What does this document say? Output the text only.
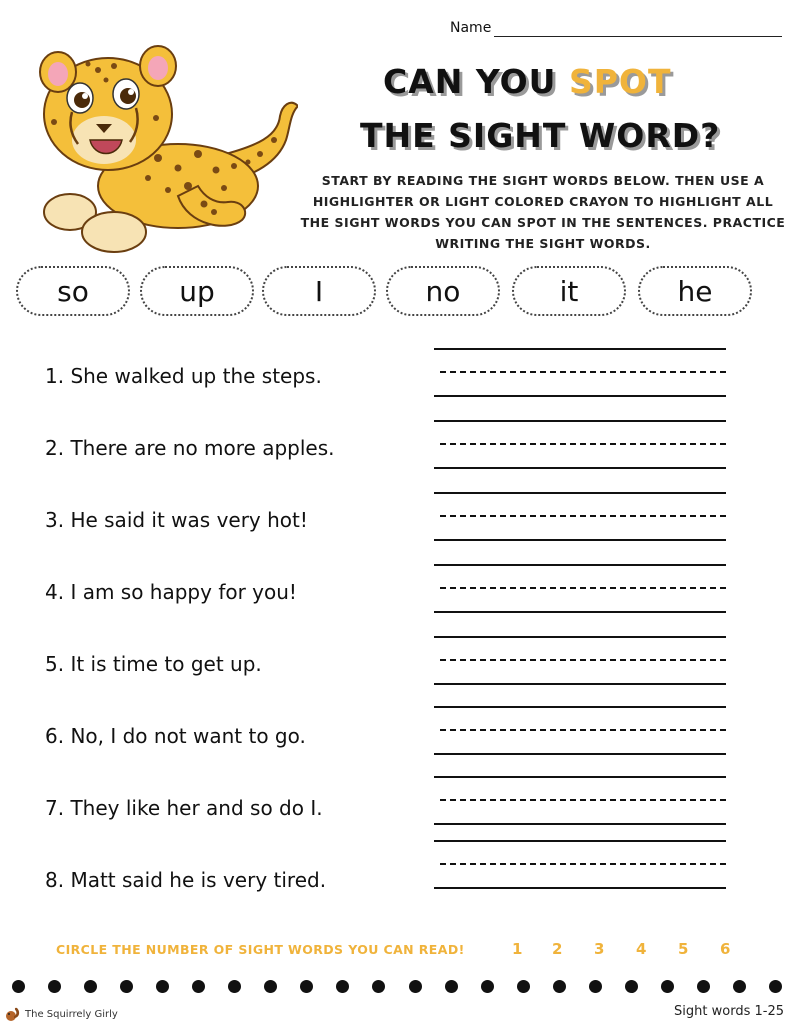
Name
CAN YOU SPOT
THE SIGHT WORD?
START BY READING THE SIGHT WORDS BELOW. THEN USE A HIGHLIGHTER OR LIGHT COLORED CRAYON TO HIGHLIGHT ALL THE SIGHT WORDS YOU CAN SPOT IN THE SENTENCES. PRACTICE WRITING THE SIGHT WORDS.
so	up	I	no	it	he
1. She walked up the steps.
2. There are no more apples.
3. He said it was very hot!
4. I am so happy for you!
5. It is time to get up.
6. No, I do not want to go.
7. They like her and so do I.
8. Matt said he is very tired.
CIRCLE THE NUMBER OF SIGHT WORDS YOU CAN READ!	1 2 3 4 5 6
The Squirrely Girly	Sight words 1-25
